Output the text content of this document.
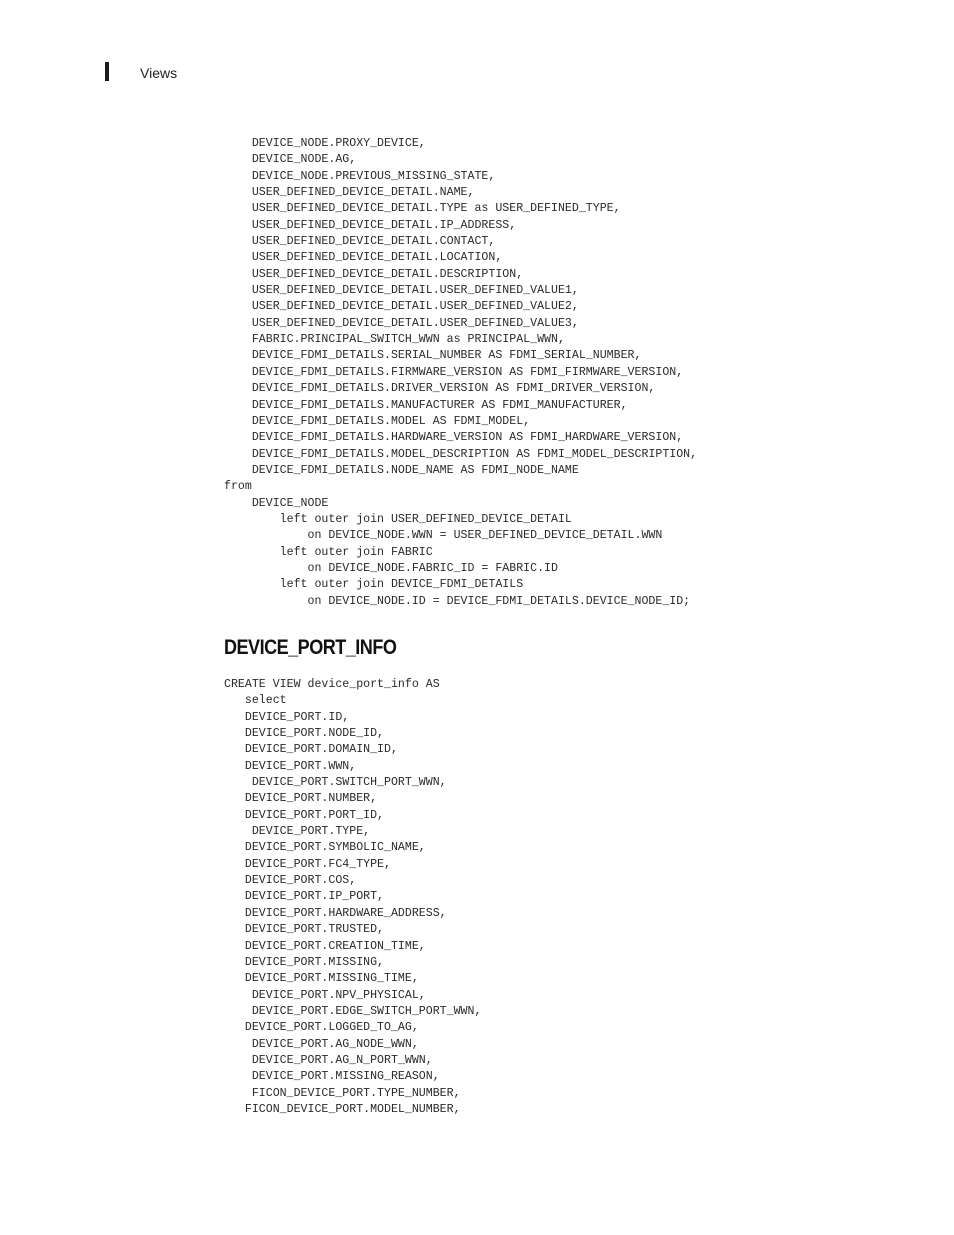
Views
DEVICE_NODE.PROXY_DEVICE,
DEVICE_NODE.AG,
DEVICE_NODE.PREVIOUS_MISSING_STATE,
USER_DEFINED_DEVICE_DETAIL.NAME,
USER_DEFINED_DEVICE_DETAIL.TYPE as USER_DEFINED_TYPE,
USER_DEFINED_DEVICE_DETAIL.IP_ADDRESS,
USER_DEFINED_DEVICE_DETAIL.CONTACT,
USER_DEFINED_DEVICE_DETAIL.LOCATION,
USER_DEFINED_DEVICE_DETAIL.DESCRIPTION,
USER_DEFINED_DEVICE_DETAIL.USER_DEFINED_VALUE1,
USER_DEFINED_DEVICE_DETAIL.USER_DEFINED_VALUE2,
USER_DEFINED_DEVICE_DETAIL.USER_DEFINED_VALUE3,
FABRIC.PRINCIPAL_SWITCH_WWN as PRINCIPAL_WWN,
DEVICE_FDMI_DETAILS.SERIAL_NUMBER AS FDMI_SERIAL_NUMBER,
DEVICE_FDMI_DETAILS.FIRMWARE_VERSION AS FDMI_FIRMWARE_VERSION,
DEVICE_FDMI_DETAILS.DRIVER_VERSION AS FDMI_DRIVER_VERSION,
DEVICE_FDMI_DETAILS.MANUFACTURER AS FDMI_MANUFACTURER,
DEVICE_FDMI_DETAILS.MODEL AS FDMI_MODEL,
DEVICE_FDMI_DETAILS.HARDWARE_VERSION AS FDMI_HARDWARE_VERSION,
DEVICE_FDMI_DETAILS.MODEL_DESCRIPTION AS FDMI_MODEL_DESCRIPTION,
DEVICE_FDMI_DETAILS.NODE_NAME AS FDMI_NODE_NAME
from
DEVICE_NODE
left outer join USER_DEFINED_DEVICE_DETAIL
on DEVICE_NODE.WWN = USER_DEFINED_DEVICE_DETAIL.WWN
left outer join FABRIC
on DEVICE_NODE.FABRIC_ID = FABRIC.ID
left outer join DEVICE_FDMI_DETAILS
on DEVICE_NODE.ID = DEVICE_FDMI_DETAILS.DEVICE_NODE_ID;
DEVICE_PORT_INFO
CREATE VIEW device_port_info AS
select
DEVICE_PORT.ID,
DEVICE_PORT.NODE_ID,
DEVICE_PORT.DOMAIN_ID,
DEVICE_PORT.WWN,
DEVICE_PORT.SWITCH_PORT_WWN,
DEVICE_PORT.NUMBER,
DEVICE_PORT.PORT_ID,
DEVICE_PORT.TYPE,
DEVICE_PORT.SYMBOLIC_NAME,
DEVICE_PORT.FC4_TYPE,
DEVICE_PORT.COS,
DEVICE_PORT.IP_PORT,
DEVICE_PORT.HARDWARE_ADDRESS,
DEVICE_PORT.TRUSTED,
DEVICE_PORT.CREATION_TIME,
DEVICE_PORT.MISSING,
DEVICE_PORT.MISSING_TIME,
DEVICE_PORT.NPV_PHYSICAL,
DEVICE_PORT.EDGE_SWITCH_PORT_WWN,
DEVICE_PORT.LOGGED_TO_AG,
DEVICE_PORT.AG_NODE_WWN,
DEVICE_PORT.AG_N_PORT_WWN,
DEVICE_PORT.MISSING_REASON,
FICON_DEVICE_PORT.TYPE_NUMBER,
FICON_DEVICE_PORT.MODEL_NUMBER,
